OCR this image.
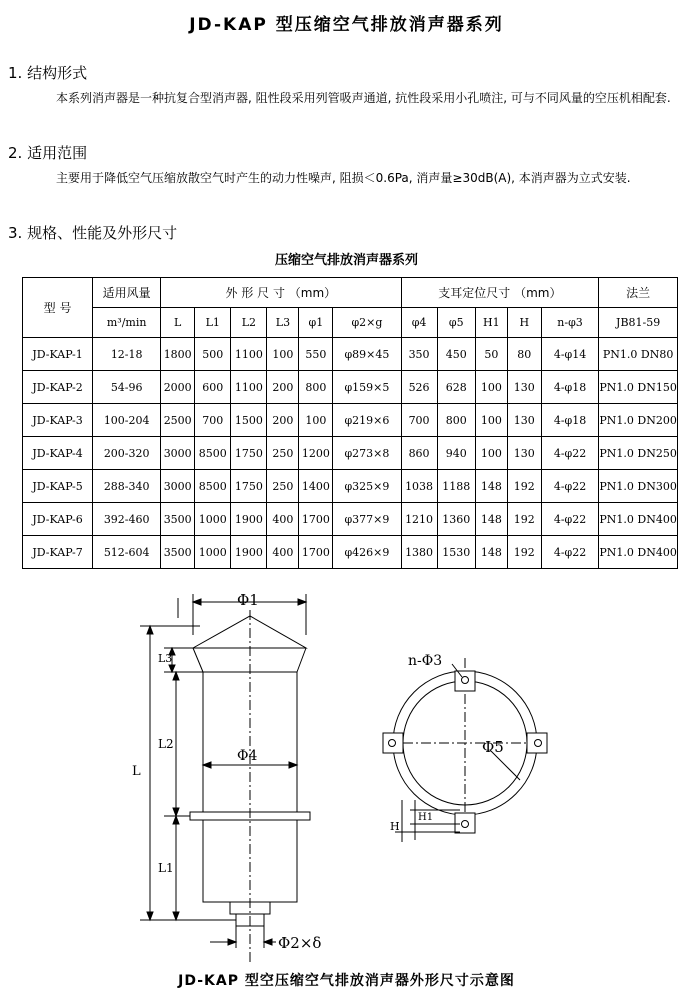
JD-KAP 型压缩空气排放消声器系列
1. 结构形式
本系列消声器是一种抗复合型消声器, 阻性段采用列管吸声通道, 抗性段采用小孔喷注, 可与不同风量的空压机相配套.
2. 适用范围
主要用于降低空气压缩放散空气时产生的动力性噪声, 阻损＜0.6Pa, 消声量≥30dB(A), 本消声器为立式安装.
3. 规格、性能及外形尺寸
压缩空气排放消声器系列
型 号	适用风量	外 形 尺 寸 （mm）						支耳定位尺寸 （mm）					法兰
	m³/min	L	L1	L2	L3	φ1	φ2×g	φ4	φ5	H1	H	n-φ3	JB81-59
JD-KAP-1	12-18	1800	500	1100	100	550	φ89×45	350	450	50	80	4-φ14	PN1.0 DN80
JD-KAP-2	54-96	2000	600	1100	200	800	φ159×5	526	628	100	130	4-φ18	PN1.0 DN150
JD-KAP-3	100-204	2500	700	1500	200	100	φ219×6	700	800	100	130	4-φ18	PN1.0 DN200
JD-KAP-4	200-320	3000	8500	1750	250	1200	φ273×8	860	940	100	130	4-φ22	PN1.0 DN250
JD-KAP-5	288-340	3000	8500	1750	250	1400	φ325×9	1038	1188	148	192	4-φ22	PN1.0 DN300
JD-KAP-6	392-460	3500	1000	1900	400	1700	φ377×9	1210	1360	148	192	4-φ22	PN1.0 DN400
JD-KAP-7	512-604	3500	1000	1900	400	1700	φ426×9	1380	1530	148	192	4-φ22	PN1.0 DN400
Φ1
Φ4
L
L3
L2
L1
Φ2×δ
n-Φ3
Φ5
H
H1
JD-KAP 型空压缩空气排放消声器外形尺寸示意图
